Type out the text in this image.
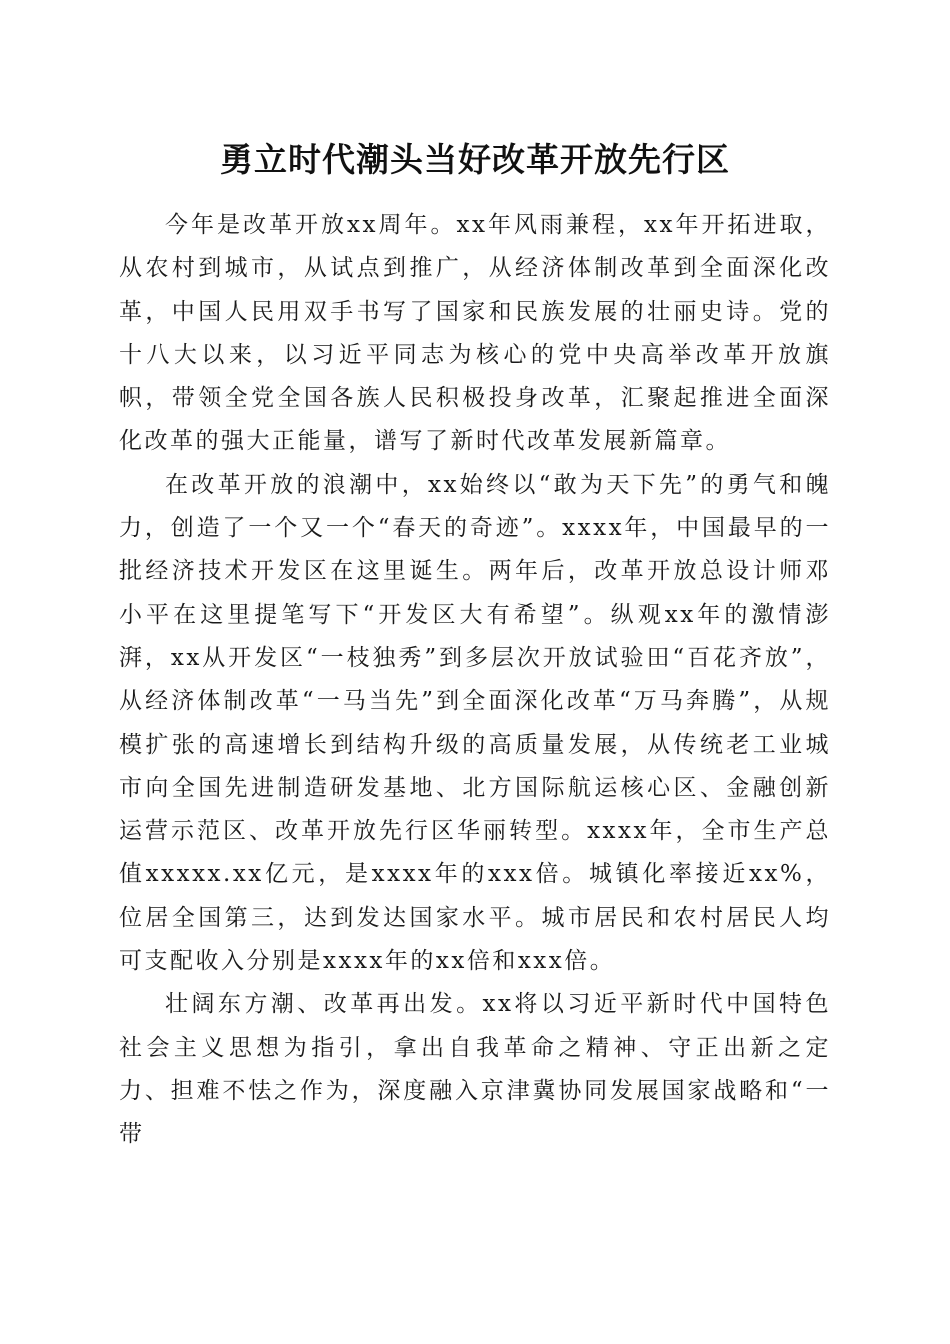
勇立时代潮头当好改革开放先行区

今年是改革开放xx周年。xx年风雨兼程，xx年开拓进取，从农村到城市，从试点到推广，从经济体制改革到全面深化改革，中国人民用双手书写了国家和民族发展的壮丽史诗。党的十八大以来，以习近平同志为核心的党中央高举改革开放旗帜，带领全党全国各族人民积极投身改革，汇聚起推进全面深化改革的强大正能量，谱写了新时代改革发展新篇章。

在改革开放的浪潮中，xx始终以“敢为天下先”的勇气和魄力，创造了一个又一个“春天的奇迹”。xxxx年，中国最早的一批经济技术开发区在这里诞生。两年后，改革开放总设计师邓小平在这里提笔写下“开发区大有希望”。纵观xx年的激情澎湃，xx从开发区“一枝独秀”到多层次开放试验田“百花齐放”，从经济体制改革“一马当先”到全面深化改革“万马奔腾”，从规模扩张的高速增长到结构升级的高质量发展，从传统老工业城市向全国先进制造研发基地、北方国际航运核心区、金融创新运营示范区、改革开放先行区华丽转型。xxxx年，全市生产总值xxxxx.xx亿元，是xxxx年的xxx倍。城镇化率接近xx%，位居全国第三，达到发达国家水平。城市居民和农村居民人均可支配收入分别是xxxx年的xx倍和xxx倍。

壮阔东方潮、改革再出发。xx将以习近平新时代中国特色社会主义思想为指引，拿出自我革命之精神、守正出新之定力、担难不怯之作为，深度融入京津冀协同发展国家战略和“一带
